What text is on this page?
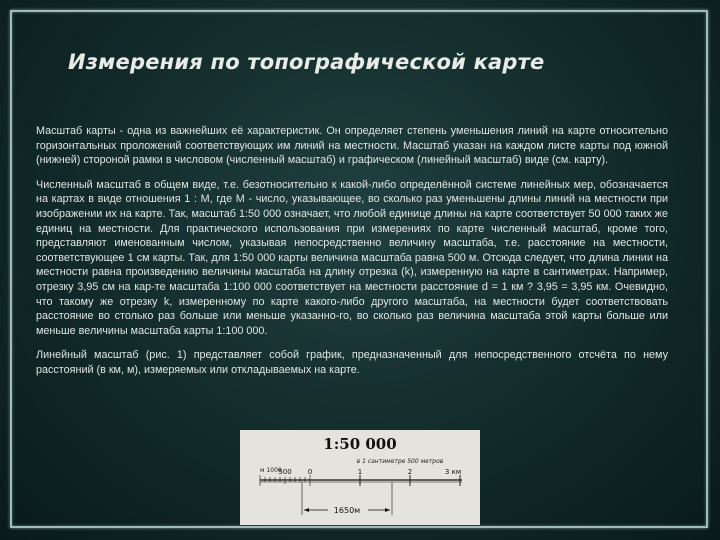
Измерения по топографической карте

Масштаб карты - одна из важнейших её характеристик. Он определяет степень уменьшения линий на карте относительно горизонтальных проложений соответствующих им линий на местности. Масштаб указан на каждом листе карты под южной (нижней) стороной рамки в числовом (численный масштаб) и графическом (линейный масштаб) виде (см. карту).

Численный масштаб в общем виде, т.е. безотносительно к какой-либо определённой системе линейных мер, обозначается на картах в виде отношения 1 : М, где М - число, указывающее, во сколько раз уменьшены длины линий на местности при изображении их на карте. Так, масштаб 1:50 000 означает, что любой единице длины на карте соответствует 50 000 таких же единиц на местности. Для практического использования при измерениях по карте численный масштаб, кроме того, представляют именованным числом, указывая непосредственно величину масштаба, т.е. расстояние на местности, соответствующее 1 см карты. Так, для 1:50 000 карты величина масштаба равна 500 м. Отсюда следует, что длина линии на местности равна произведению величины масштаба на длину отрезка (k), измеренную на карте в сантиметрах. Например, отрезку 3,95 см на кар-те масштаба 1:100 000 соответствует на местности расстояние d = 1 км ? 3,95 = 3,95 км. Очевидно, что такому же отрезку k, измеренному по карте какого-либо другого масштаба, на местности будет соответствовать расстояние во столько раз больше или меньше указанно-го, во сколько раз величина масштаба этой карты больше или меньше величины масштаба карты 1:100 000.

Линейный масштаб (рис. 1) представляет собой график, предназначенный для непосредственного отсчёта по нему расстояний (в км, м), измеряемых или откладываемых на карте.

1:50 000
в 1 сантиметре 500 метров
м 1000
500 0	1	2	3 км
1650м
